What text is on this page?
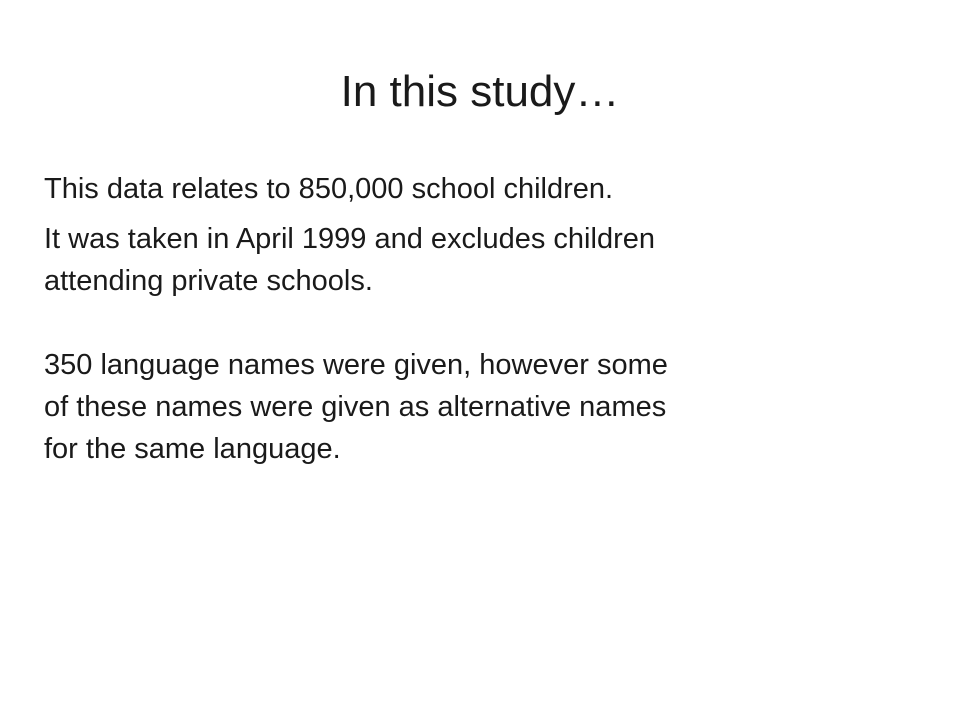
In this study…

This data relates to 850,000 school children.

It was taken in April 1999 and excludes children
attending private schools.

350 language names were given, however some
of these names were given as alternative names
for the same language.
